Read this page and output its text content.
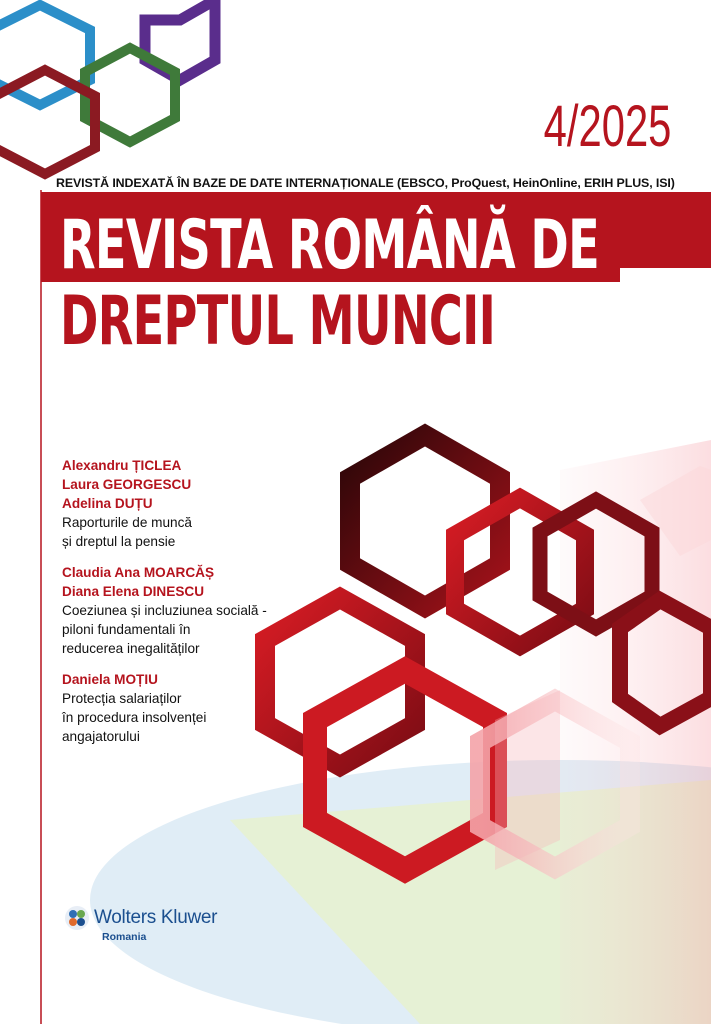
4/2025
REVISTĂ INDEXATĂ ÎN BAZE DE DATE INTERNAȚIONALE (EBSCO, ProQuest, HeinOnline, ERIH PLUS, ISI)
REVISTA ROMÂNĂ DE
DREPTUL MUNCII
Alexandru ȚICLEA
Laura GEORGESCU
Adelina DUȚU
Raporturile de muncă
și dreptul la pensie
Claudia Ana MOARCĂȘ
Diana Elena DINESCU
Coeziunea și incluziunea socială -
piloni fundamentali în
reducerea inegalităților
Daniela MOȚIU
Protecția salariaților
în procedura insolvenței
angajatorului
Wolters Kluwer
Romania
